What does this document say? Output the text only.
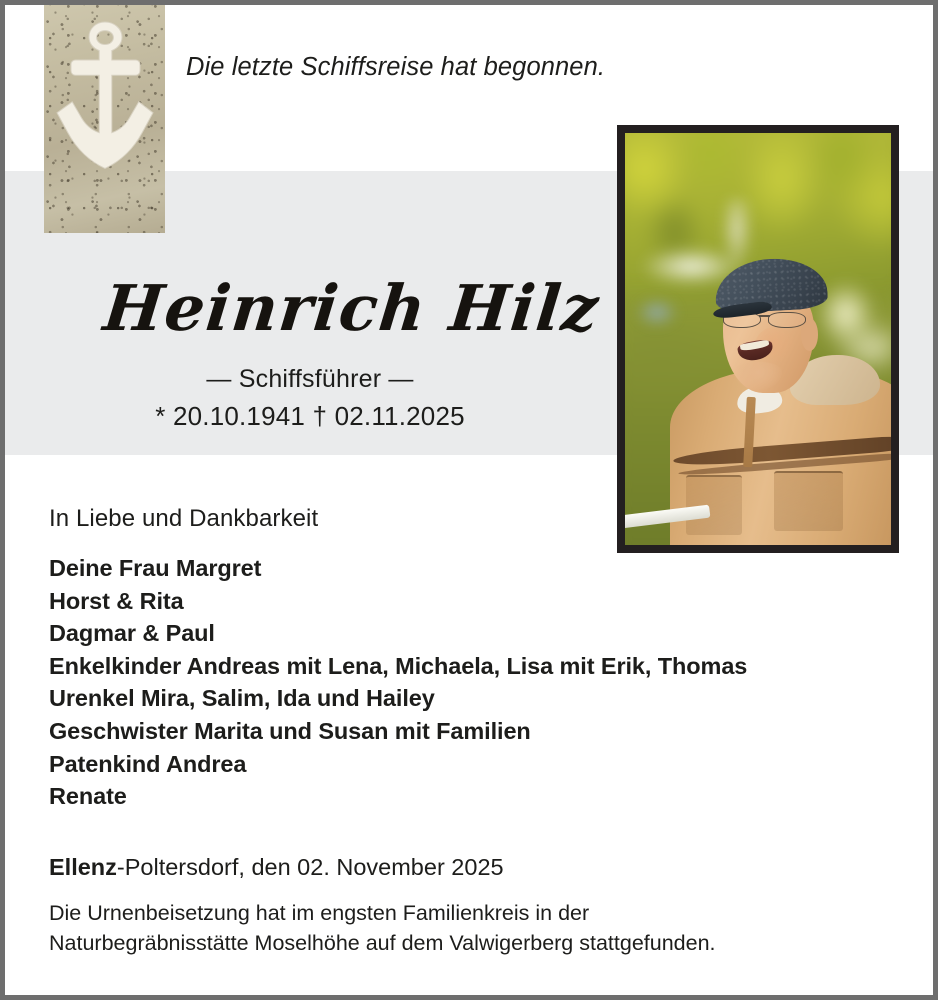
Die letzte Schiffsreise hat begonnen.
Heinrich Hilz
— Schiffsführer —
* 20.10.1941 † 02.11.2025
In Liebe und Dankbarkeit
Deine Frau Margret
Horst & Rita
Dagmar & Paul
Enkelkinder Andreas mit Lena, Michaela, Lisa mit Erik, Thomas
Urenkel Mira, Salim, Ida und Hailey
Geschwister Marita und Susan mit Familien
Patenkind Andrea
Renate
Ellenz-Poltersdorf, den 02. November 2025
Die Urnenbeisetzung hat im engsten Familienkreis in der
Naturbegräbnisstätte Moselhöhe auf dem Valwigerberg stattgefunden.
